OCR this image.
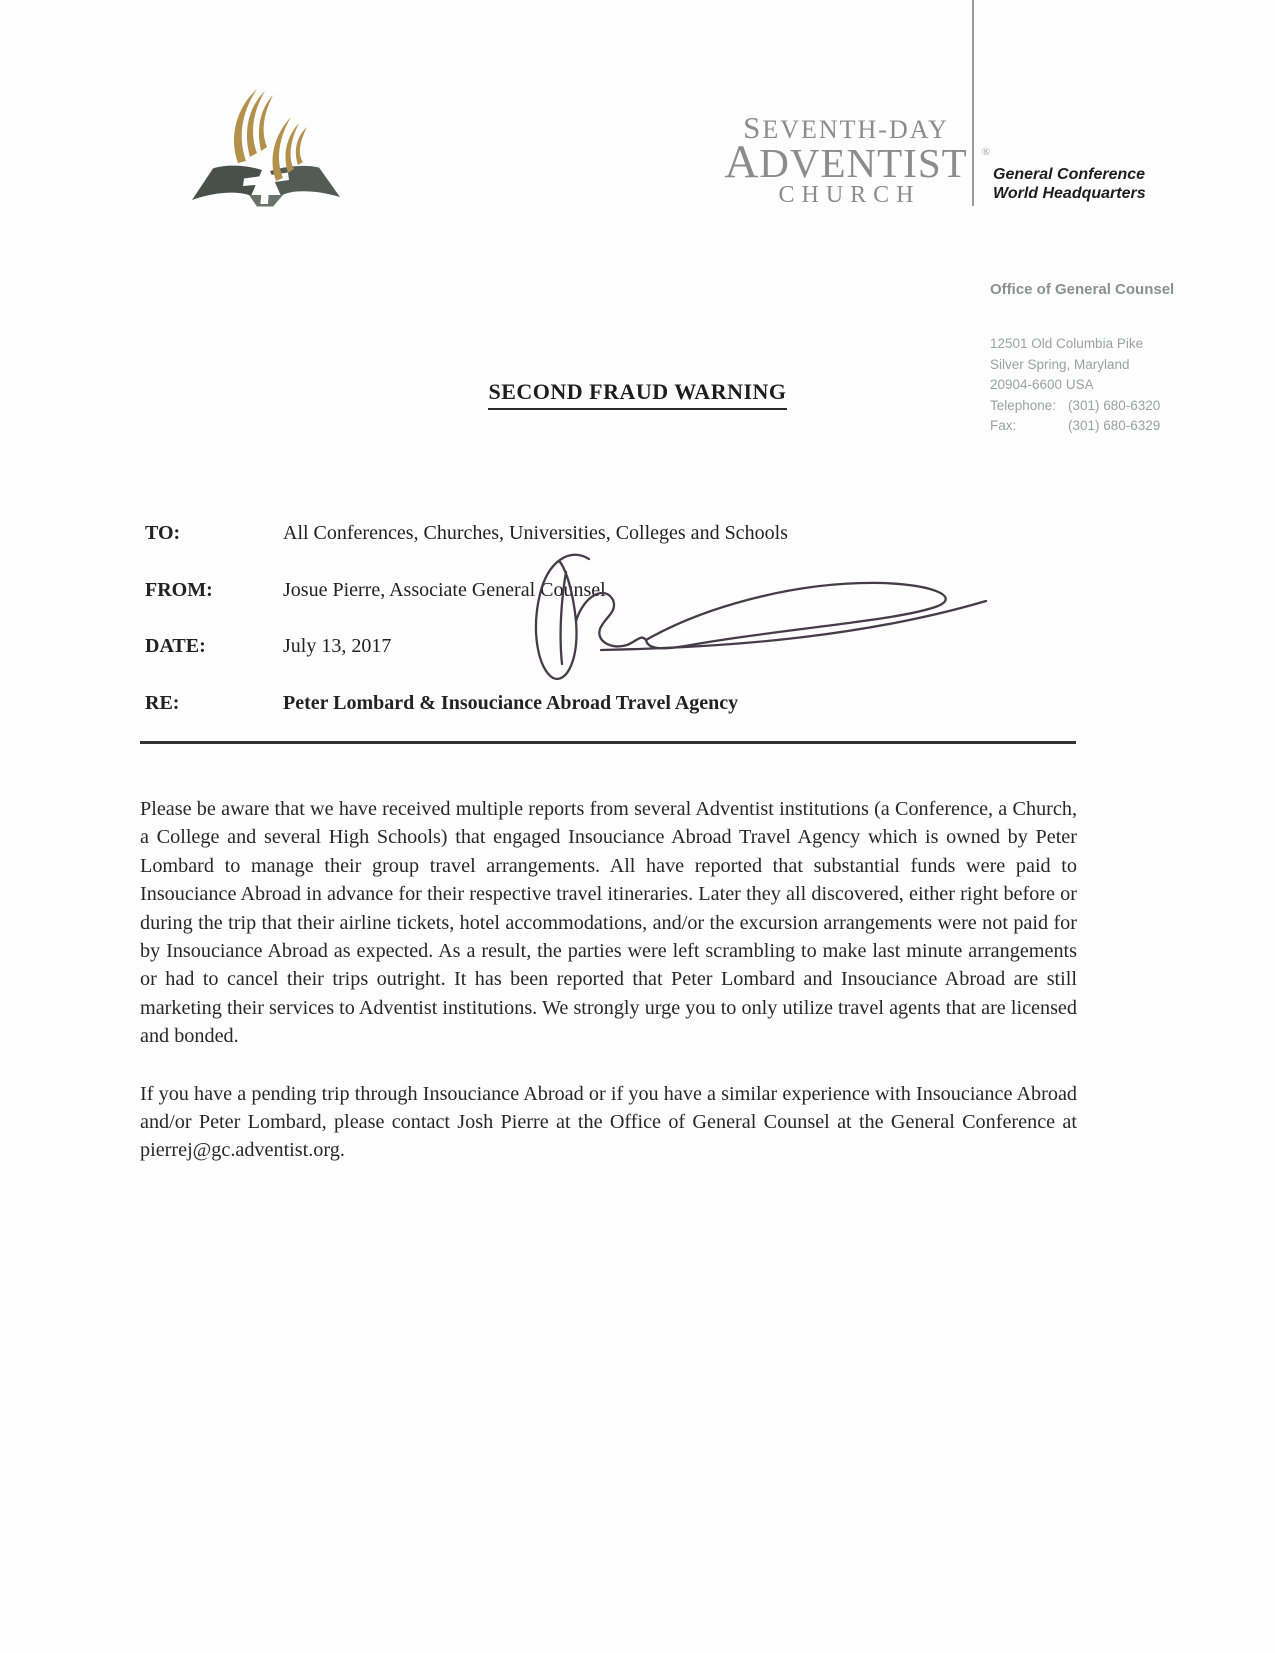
SEVENTH-DAY
ADVENTIST
CHURCH
®
General Conference
World Headquarters
Office of General Counsel
12501 Old Columbia Pike
Silver Spring, Maryland
20904-6600 USA
Telephone: (301) 680-6320
Fax:	(301) 680-6329
SECOND FRAUD WARNING
TO:	All Conferences, Churches, Universities, Colleges and Schools
FROM:	Josue Pierre, Associate General Counsel
DATE:	July 13, 2017
RE:	Peter Lombard & Insouciance Abroad Travel Agency

Please be aware that we have received multiple reports from several Adventist institutions (a Conference, a Church, a College and several High Schools) that engaged Insouciance Abroad Travel Agency which is owned by Peter Lombard to manage their group travel arrangements. All have reported that substantial funds were paid to Insouciance Abroad in advance for their respective travel itineraries. Later they all discovered, either right before or during the trip that their airline tickets, hotel accommodations, and/or the excursion arrangements were not paid for by Insouciance Abroad as expected. As a result, the parties were left scrambling to make last minute arrangements or had to cancel their trips outright. It has been reported that Peter Lombard and Insouciance Abroad are still marketing their services to Adventist institutions. We strongly urge you to only utilize travel agents that are licensed and bonded.

If you have a pending trip through Insouciance Abroad or if you have a similar experience with Insouciance Abroad and/or Peter Lombard, please contact Josh Pierre at the Office of General Counsel at the General Conference at pierrej@gc.adventist.org.
